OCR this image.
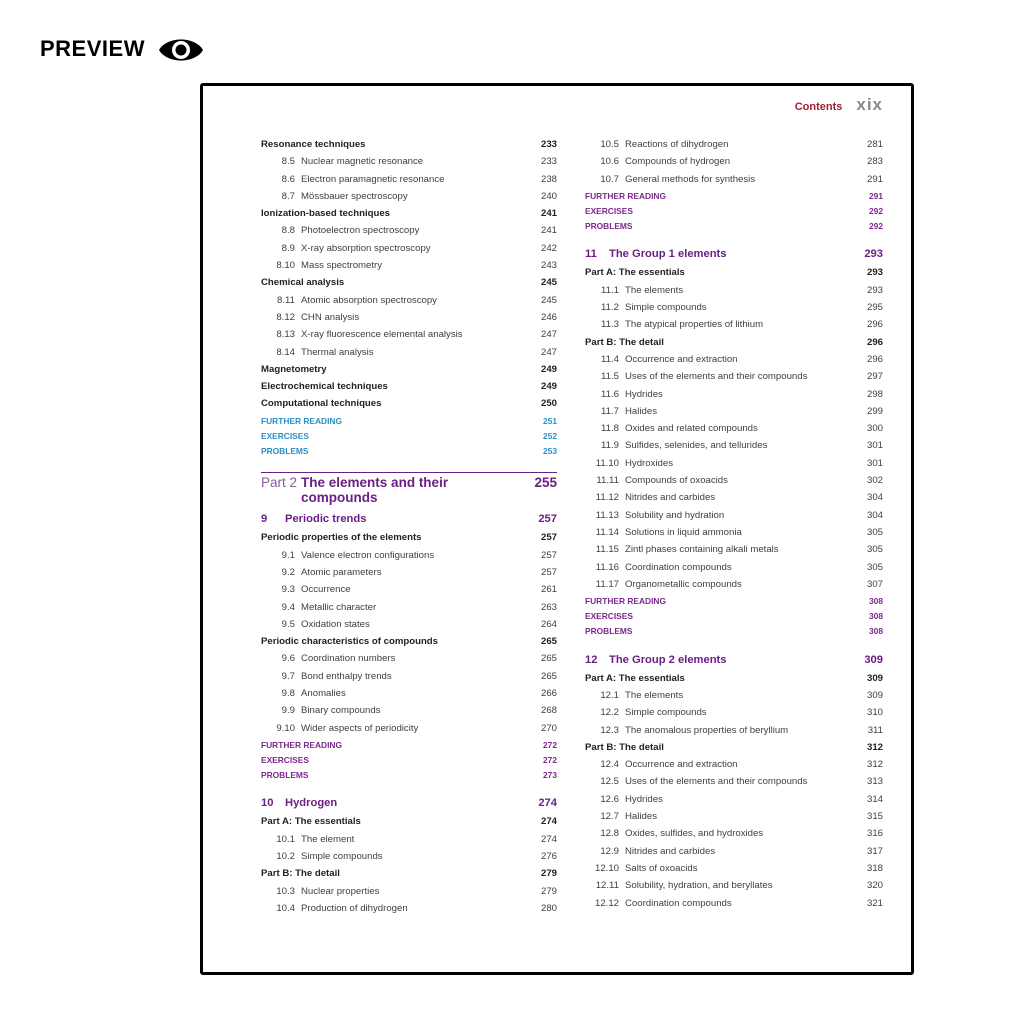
PREVIEW
Contents xix
Resonance techniques	233
8.5 Nuclear magnetic resonance	233
8.6 Electron paramagnetic resonance	238
8.7 Mössbauer spectroscopy	240
Ionization-based techniques	241
8.8 Photoelectron spectroscopy	241
8.9 X-ray absorption spectroscopy	242
8.10 Mass spectrometry	243
Chemical analysis	245
8.11 Atomic absorption spectroscopy	245
8.12 CHN analysis	246
8.13 X-ray fluorescence elemental analysis	247
8.14 Thermal analysis	247
Magnetometry	249
Electrochemical techniques	249
Computational techniques	250
FURTHER READING	251
EXERCISES	252
PROBLEMS	253
Part 2 The elements and their compounds
255
9 Periodic trends	257
Periodic properties of the elements	257
9.1 Valence electron configurations	257
9.2 Atomic parameters	257
9.3 Occurrence	261
9.4 Metallic character	263
9.5 Oxidation states	264
Periodic characteristics of compounds	265
9.6 Coordination numbers	265
9.7 Bond enthalpy trends	265
9.8 Anomalies	266
9.9 Binary compounds	268
9.10 Wider aspects of periodicity	270
FURTHER READING	272
EXERCISES	272
PROBLEMS	273
10 Hydrogen	274
Part A: The essentials	274
10.1 The element	274
10.2 Simple compounds	276
Part B: The detail	279
10.3 Nuclear properties	279
10.4 Production of dihydrogen	280
10.5 Reactions of dihydrogen	281
10.6 Compounds of hydrogen	283
10.7 General methods for synthesis	291
FURTHER READING	291
EXERCISES	292
PROBLEMS	292
11 The Group 1 elements	293
Part A: The essentials	293
11.1 The elements	293
11.2 Simple compounds	295
11.3 The atypical properties of lithium	296
Part B: The detail	296
11.4 Occurrence and extraction	296
11.5 Uses of the elements and their compounds	297
11.6 Hydrides	298
11.7 Halides	299
11.8 Oxides and related compounds	300
11.9 Sulfides, selenides, and tellurides	301
11.10 Hydroxides	301
11.11 Compounds of oxoacids	302
11.12 Nitrides and carbides	304
11.13 Solubility and hydration	304
11.14 Solutions in liquid ammonia	305
11.15 Zintl phases containing alkali metals	305
11.16 Coordination compounds	305
11.17 Organometallic compounds	307
FURTHER READING	308
EXERCISES	308
PROBLEMS	308
12 The Group 2 elements	309
Part A: The essentials	309
12.1 The elements	309
12.2 Simple compounds	310
12.3 The anomalous properties of beryllium	311
Part B: The detail	312
12.4 Occurrence and extraction	312
12.5 Uses of the elements and their compounds	313
12.6 Hydrides	314
12.7 Halides	315
12.8 Oxides, sulfides, and hydroxides	316
12.9 Nitrides and carbides	317
12.10 Salts of oxoacids	318
12.11 Solubility, hydration, and beryllates	320
12.12 Coordination compounds	321
